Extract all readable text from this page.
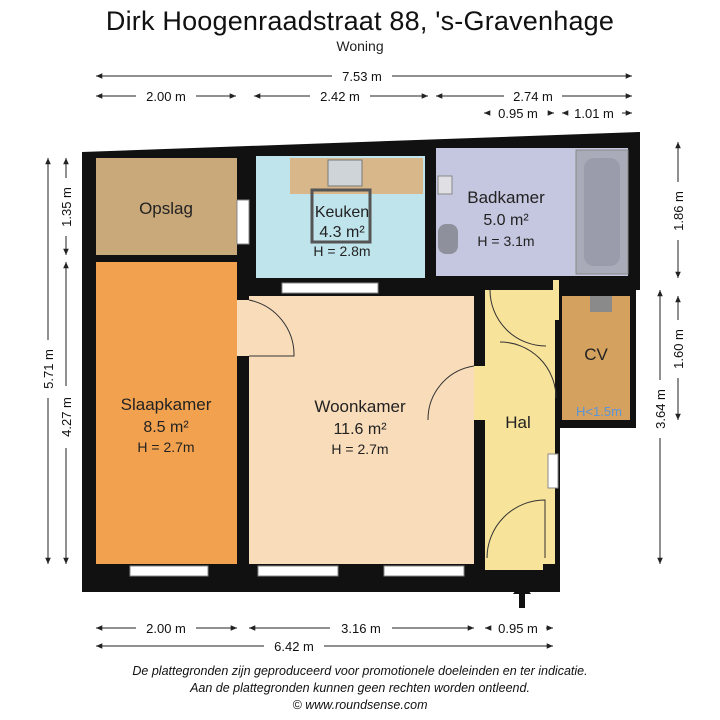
Dirk Hoogenraadstraat 88, 's-Gravenhage
Woning
Opslag	Keuken
4.3 m²
H = 2.8m
Badkamer
5.0 m²
H = 3.1m
CV
H<1.5m
Slaapkamer
8.5 m²
H = 2.7m
Woonkamer
11.6 m²
H = 2.7m
Hal
7.53 m
2.00 m	2.42 m	2.74 m
0.95 m	1.01 m
5.71 m
1.35 m
4.27 m
1.86 m
1.60 m
3.64 m
2.00 m	3.16 m	0.95 m
6.42 m
De plattegronden zijn geproduceerd voor promotionele doeleinden en ter indicatie.
Aan de plattegronden kunnen geen rechten worden ontleend.
© www.roundsense.com
